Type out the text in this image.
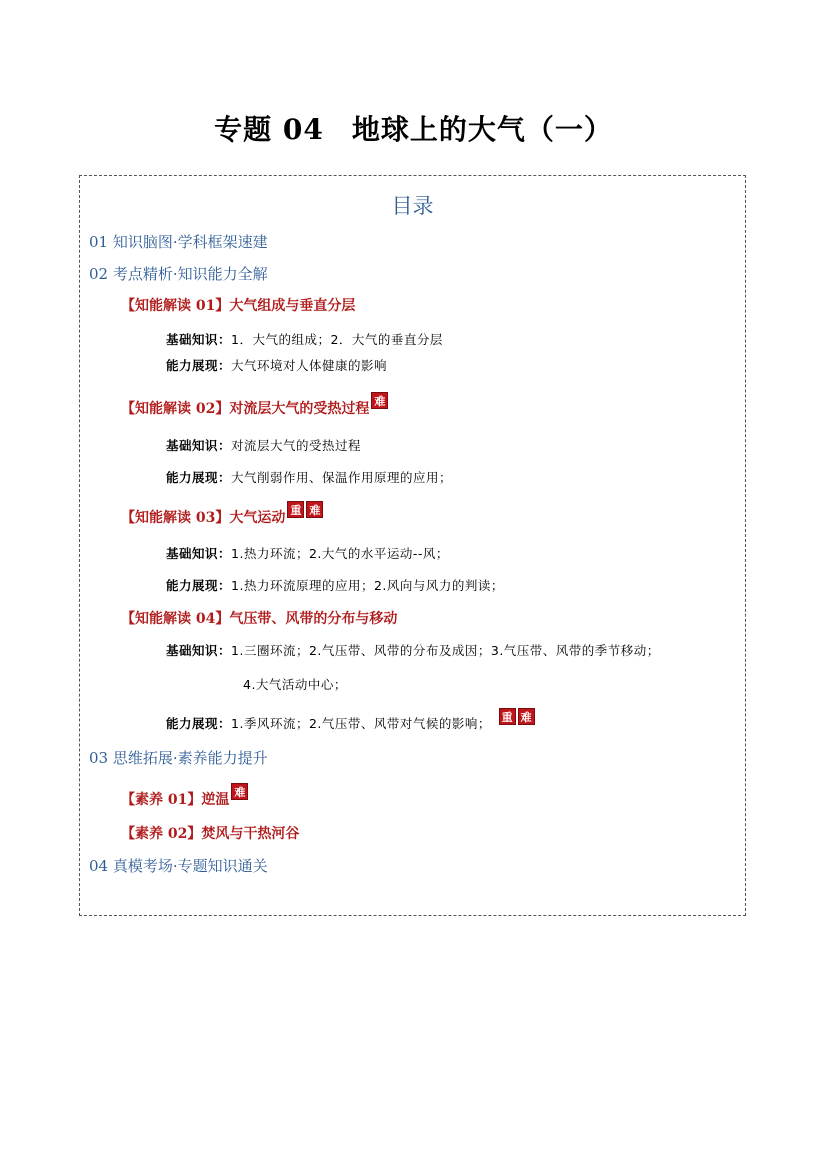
专题 04 地球上的大气（一）
目录
01 知识脑图·学科框架速建
02 考点精析·知识能力全解
【知能解读 01】大气组成与垂直分层
基础知识：1．大气的组成；2．大气的垂直分层
能力展现：大气环境对人体健康的影响
【知能解读 02】对流层大气的受热过程 难
基础知识：对流层大气的受热过程
能力展现：大气削弱作用、保温作用原理的应用；
【知能解读 03】大气运动 重 难
基础知识：1.热力环流；2.大气的水平运动--风；
能力展现：1.热力环流原理的应用；2.风向与风力的判读；
【知能解读 04】气压带、风带的分布与移动
基础知识：1.三圈环流；2.气压带、风带的分布及成因；3.气压带、风带的季节移动；
4.大气活动中心；
能力展现：1.季风环流；2.气压带、风带对气候的影响； 重 难
03 思维拓展·素养能力提升
【素养 01】逆温 难
【素养 02】焚风与干热河谷
04 真模考场·专题知识通关
